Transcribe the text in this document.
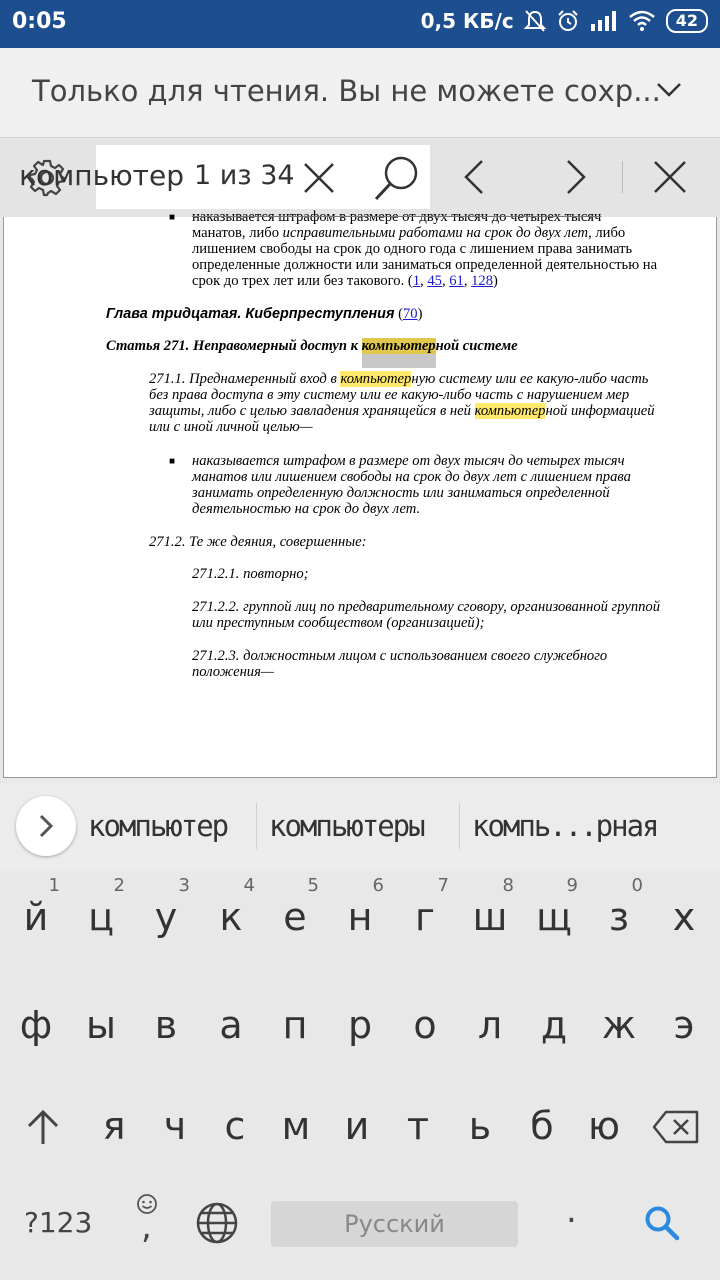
0:05	0,5 КБ/с	42
Только для чтения. Вы не можете сохр...
компьютер 1 из 34
■ наказывается штрафом в размере от двух тысяч до четырех тысяч

манатов, либо исправительными работами на срок до двух лет, либо

лишением свободы на срок до одного года с лишением права занимать

определенные должности или заниматься определенной деятельностью на

срок до трех лет или без такового. (1, 45, 61, 128)

Глава тридцатая. Киберпреступления (70)

Статья 271. Неправомерный доступ к компьютерной системе

271.1. Преднамеренный вход в компьютерную систему или ее какую-либо часть

без права доступа в эту систему или ее какую-либо часть с нарушением мер

защиты, либо с целью завладения хранящейся в ней компьютерной информацией

или с иной личной целью—

■ наказывается штрафом в размере от двух тысяч до четырех тысяч

манатов или лишением свободы на срок до двух лет с лишением права

занимать определенную должность или заниматься определенной

деятельностью на срок до двух лет.

271.2. Те же деяния, совершенные:

271.2.1. повторно;

271.2.2. группой лиц по предварительному сговору, организованной группой

или преступным сообществом (организацией);

271.2.3. должностным лицом с использованием своего служебного

положения—

компьютер компьютеры компь...рная
1
й
2
ц
3
у
4
к
5
е
6
н
7
г
8
ш
9
щ
0
з	х
ф ы	в	а	п	р	о	л	д ж э
я	ч	с м и т	ь	б ю
?123 ,	Русский	.
